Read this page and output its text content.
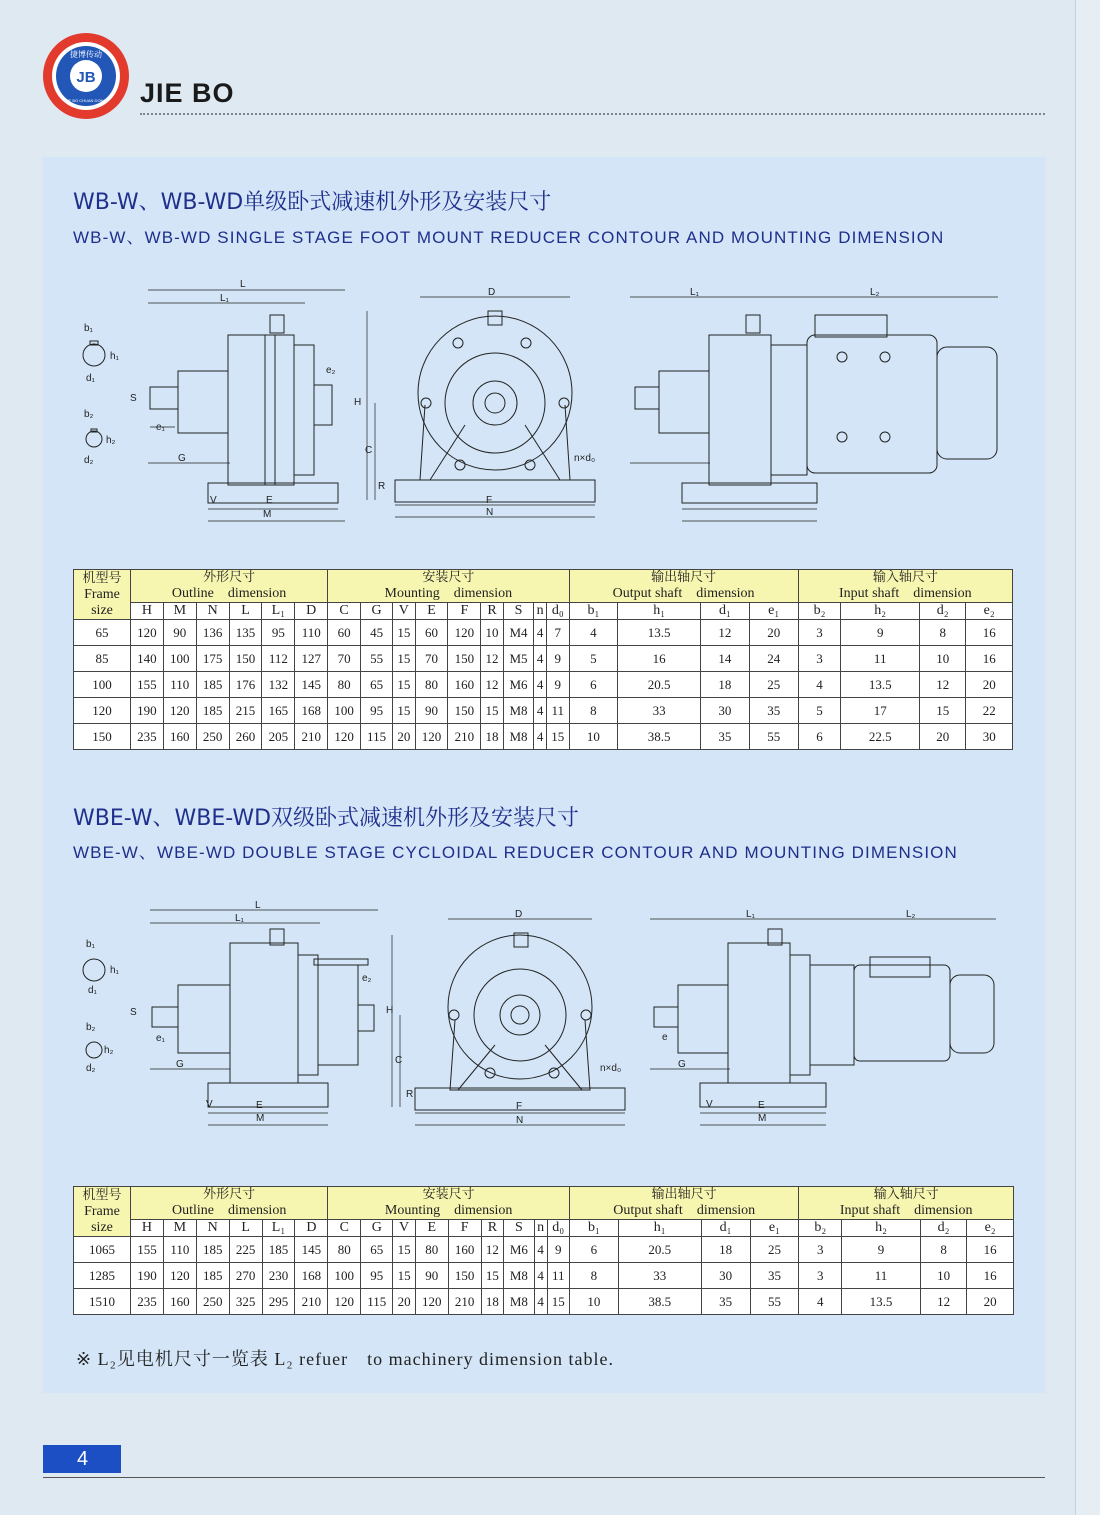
JB
捷博传动
JIE BO CHUAN DONG JIE BO
WB-W、WB-WD单级卧式减速机外形及安装尺寸
WB-W、WB-WD SINGLE STAGE FOOT MOUNT REDUCER CONTOUR AND MOUNTING DIMENSION
L
L₁
b₁
h₁
d₁
b₂
h₂
d₂
S
e₁
e₂
G
V	E
M
D
H
C
R
n×d₀
F
N
L₁	L₂
机型号
Frame
size	外形尺寸
Outline　dimension						安装尺寸
Mounting　dimension									输出轴尺寸
Output shaft　dimension				输入轴尺寸
Input shaft　dimension			

	H	M	N	L	L₁	D	C	G	V	E	F	R	S	n	d₀	b₁	h₁	d₁	e₁	b₂	h₂	d₂	e₂
65	120	90	136	135	95	110	60	45	15	60	120	10	M4	4	7	4	13.5	12	20	3	9	8	16
85	140	100	175	150	112	127	70	55	15	70	150	12	M5	4	9	5	16	14	24	3	11	10	16
100	155	110	185	176	132	145	80	65	15	80	160	12	M6	4	9	6	20.5	18	25	4	13.5	12	20
120	190	120	185	215	165	168	100	95	15	90	150	15	M8	4	11	8	33	30	35	5	17	15	22
150	235	160	250	260	205	210	120	115	20	120	210	18	M8	4	15	10	38.5	35	55	6	22.5	20	30
WBE-W、WBE-WD双级卧式减速机外形及安装尺寸
WBE-W、WBE-WD DOUBLE STAGE CYCLOIDAL REDUCER CONTOUR AND MOUNTING DIMENSION
L
L₁
b₁
h₁
d₁
b₂
h₂
d₂
S
e₁
e₂
G
V	E
M
D
H
C
R
n×d₀
F
N
L₁	L₂
e
G
V	E
M
机型号
Frame
size	外形尺寸
Outline　dimension						安装尺寸
Mounting　dimension									输出轴尺寸
Output shaft　dimension				输入轴尺寸
Input shaft　dimension			

	H	M	N	L	L₁	D	C	G	V	E	F	R	S	n	d₀	b₁	h₁	d₁	e₁	b₂	h₂	d₂	e₂
1065	155	110	185	225	185	145	80	65	15	80	160	12	M6	4	9	6	20.5	18	25	3	9	8	16
1285	190	120	185	270	230	168	100	95	15	90	150	15	M8	4	11	8	33	30	35	3	11	10	16
1510	235	160	250	325	295	210	120	115	20	120	210	18	M8	4	15	10	38.5	35	55	4	13.5	12	20
※ L₂见电机尺寸一览表 L₂ refuer　to machinery dimension table.
4
